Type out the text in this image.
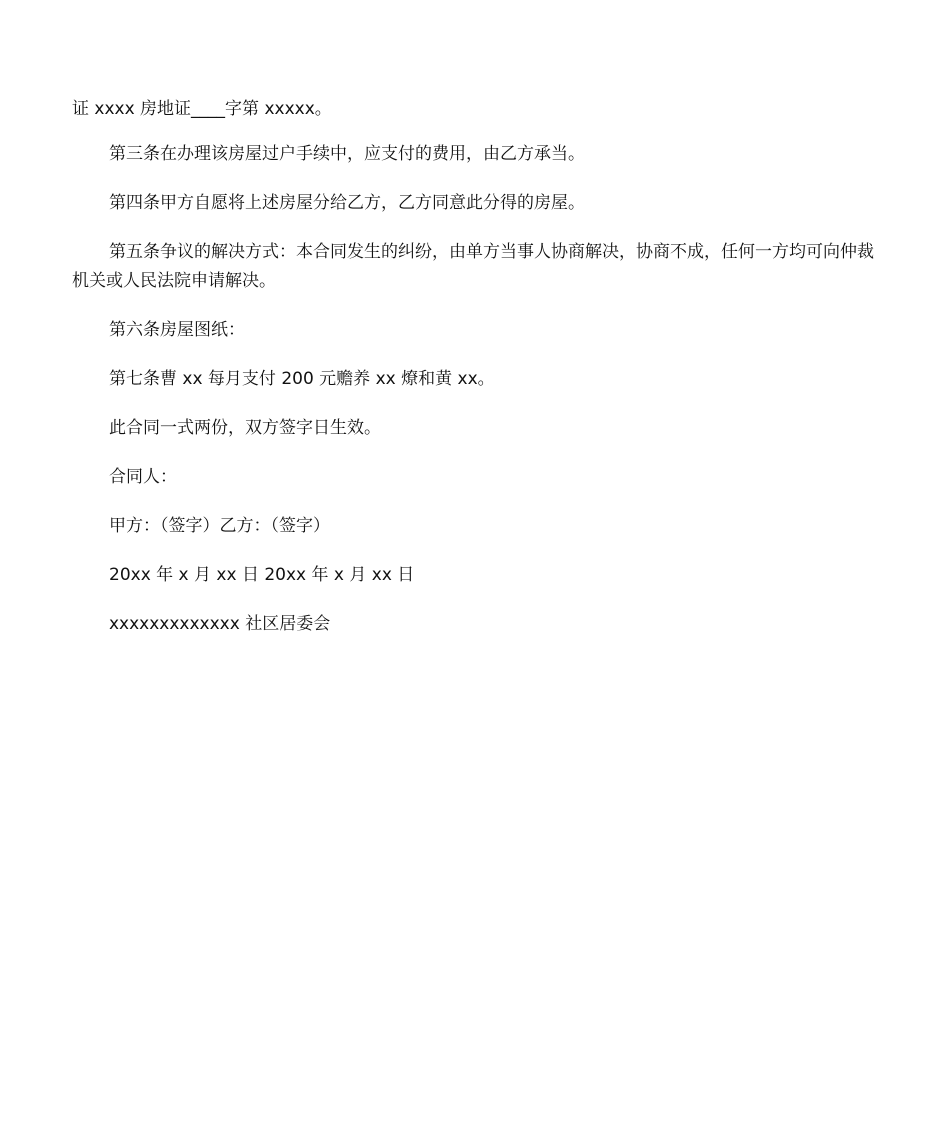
证 xxxx 房地证____字第 xxxxx。

第三条在办理该房屋过户手续中，应支付的费用，由乙方承当。

第四条甲方自愿将上述房屋分给乙方，乙方同意此分得的房屋。

第五条争议的解决方式：本合同发生的纠纷，由单方当事人协商解决，协商不成，任何一方均可向仲裁机关或人民法院申请解决。

第六条房屋图纸：

第七条曹 xx 每月支付 200 元赡养 xx 燎和黄 xx。

此合同一式两份，双方签字日生效。

合同人：

甲方：（签字）乙方：（签字）

20xx 年 x 月 xx 日 20xx 年 x 月 xx 日

xxxxxxxxxxxxx 社区居委会
